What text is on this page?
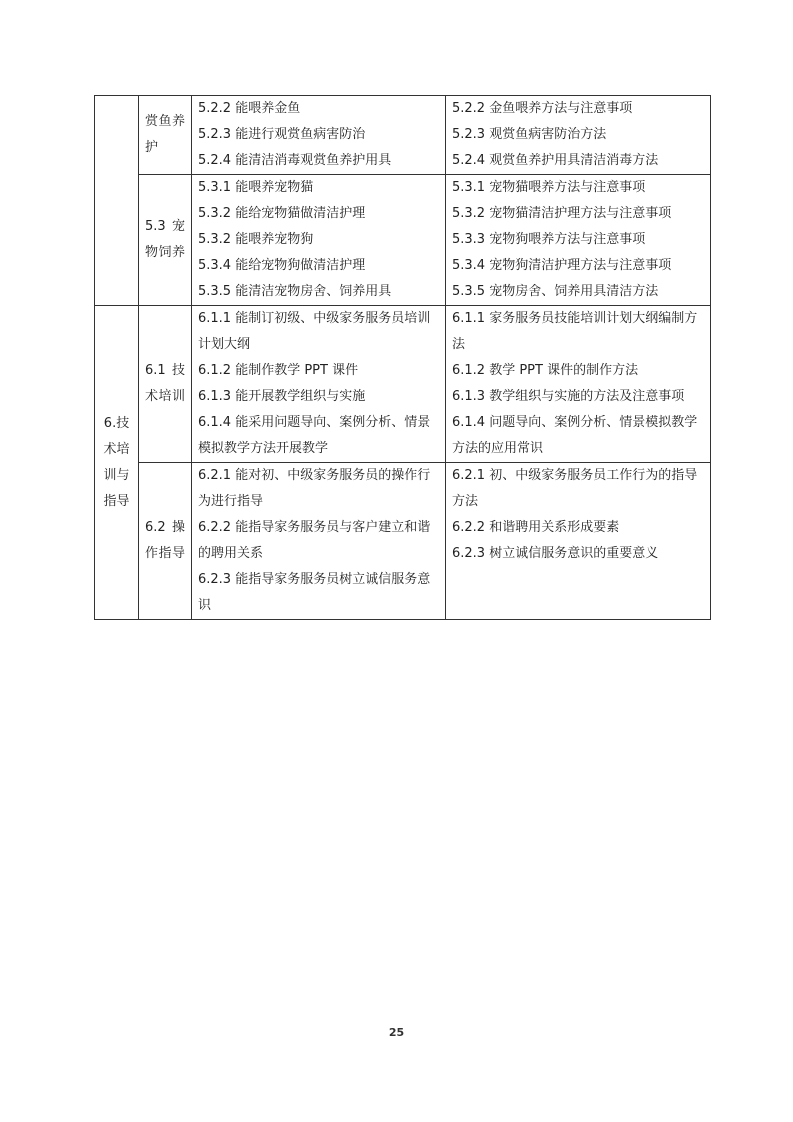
	赏鱼养护	5.2.2 能喂养金鱼
5.2.3 能进行观赏鱼病害防治
5.2.4 能清洁消毒观赏鱼养护用具	5.2.2 金鱼喂养方法与注意事项
5.2.3 观赏鱼病害防治方法
5.2.4 观赏鱼养护用具清洁消毒方法

	5.3宠物饲养	5.3.1 能喂养宠物猫
5.3.2 能给宠物猫做清洁护理
5.3.2 能喂养宠物狗
5.3.4 能给宠物狗做清洁护理
5.3.5 能清洁宠物房舍、饲养用具	5.3.1 宠物猫喂养方法与注意事项
5.3.2 宠物猫清洁护理方法与注意事项
5.3.3 宠物狗喂养方法与注意事项
5.3.4 宠物狗清洁护理方法与注意事项
5.3.5 宠物房舍、饲养用具清洁方法

6.技术培训与指导	6.1技术培训	6.1.1 能制订初级、中级家务服务员培训计划大纲
6.1.2 能制作教学 PPT 课件
6.1.3 能开展教学组织与实施
6.1.4 能采用问题导向、案例分析、情景模拟教学方法开展教学	6.1.1 家务服务员技能培训计划大纲编制方法
6.1.2 教学 PPT 课件的制作方法
6.1.3 教学组织与实施的方法及注意事项
6.1.4 问题导向、案例分析、情景模拟教学方法的应用常识

	6.2操作指导	6.2.1 能对初、中级家务服务员的操作行为进行指导
6.2.2 能指导家务服务员与客户建立和谐的聘用关系
6.2.3 能指导家务服务员树立诚信服务意识	6.2.1 初、中级家务服务员工作行为的指导方法
6.2.2 和谐聘用关系形成要素
6.2.3 树立诚信服务意识的重要意义
25
